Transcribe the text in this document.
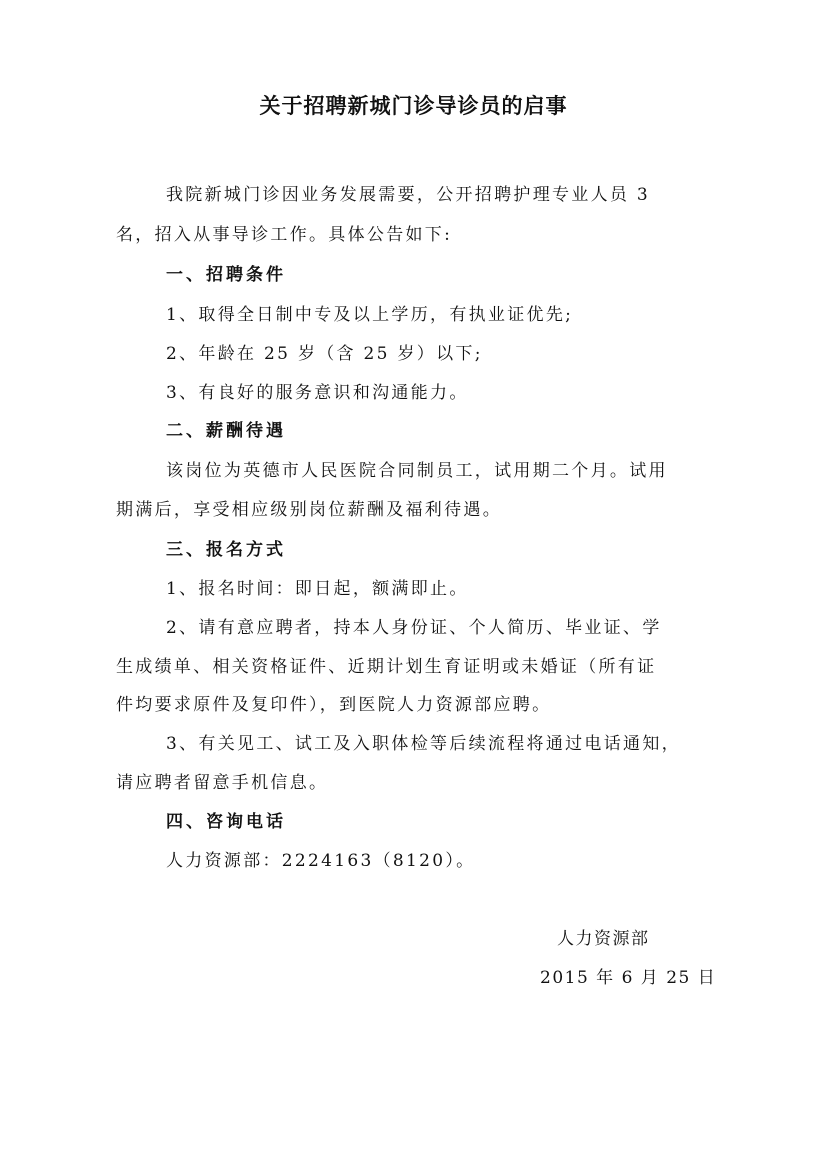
关于招聘新城门诊导诊员的启事
我院新城门诊因业务发展需要，公开招聘护理专业人员 3
名，招入从事导诊工作。具体公告如下:
一、招聘条件
1、取得全日制中专及以上学历，有执业证优先;
2、年龄在 25 岁（含 25 岁）以下;
3、有良好的服务意识和沟通能力。
二、薪酬待遇
该岗位为英德市人民医院合同制员工，试用期二个月。试用
期满后，享受相应级别岗位薪酬及福利待遇。
三、报名方式
1、报名时间：即日起，额满即止。
2、请有意应聘者，持本人身份证、个人简历、毕业证、学
生成绩单、相关资格证件、近期计划生育证明或未婚证（所有证
件均要求原件及复印件），到医院人力资源部应聘。
3、有关见工、试工及入职体检等后续流程将通过电话通知，
请应聘者留意手机信息。
四、咨询电话
人力资源部：2224163（8120）。
人力资源部
2015 年 6 月 25 日
